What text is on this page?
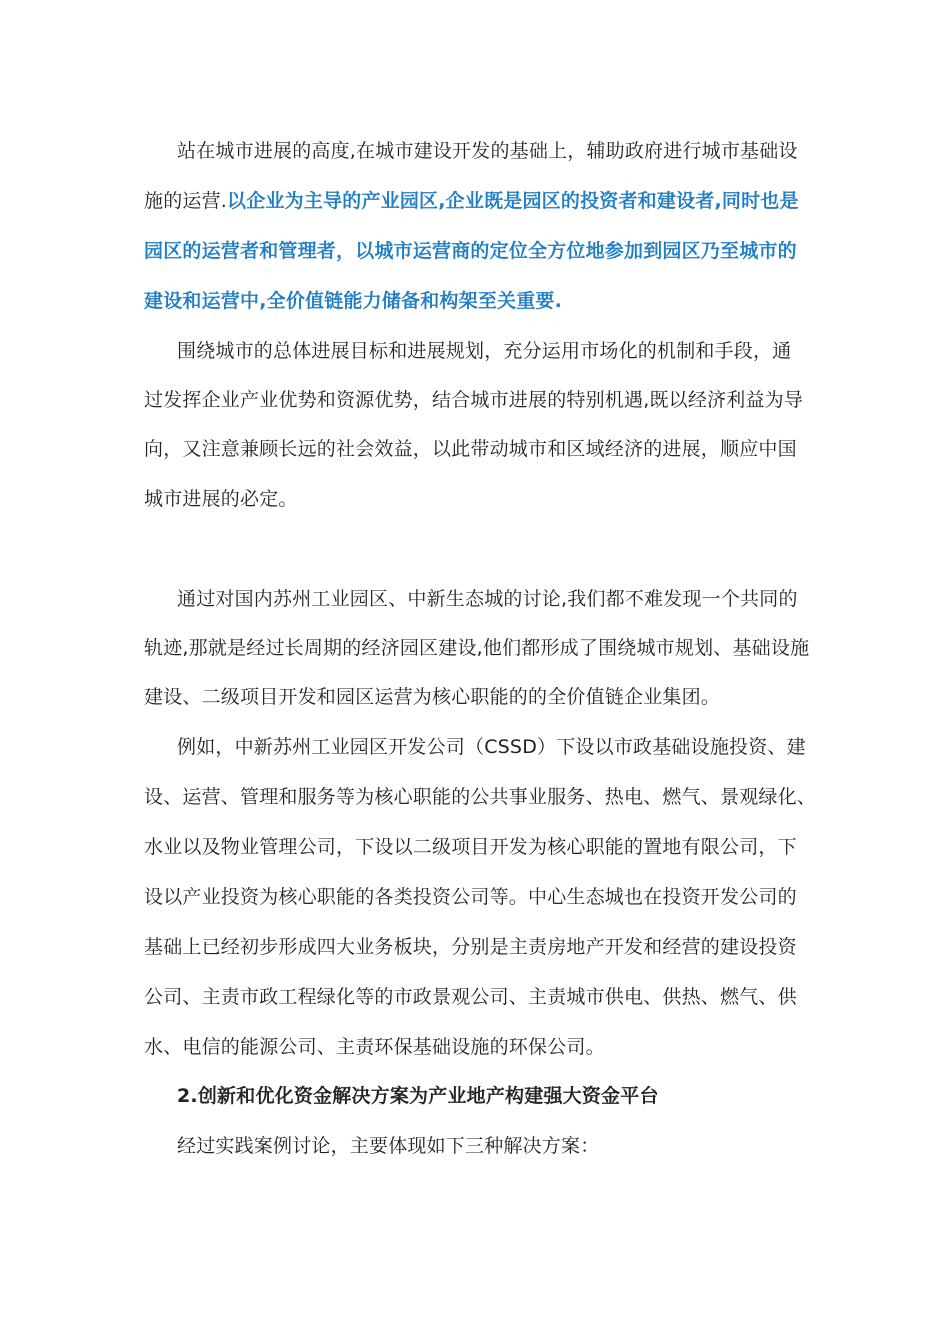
站在城市进展的高度,在城市建设开发的基础上，辅助政府进行城市基础设
施的运营.以企业为主导的产业园区,企业既是园区的投资者和建设者,同时也是
园区的运营者和管理者，以城市运营商的定位全方位地参加到园区乃至城市的
建设和运营中,全价值链能力储备和构架至关重要.
围绕城市的总体进展目标和进展规划，充分运用市场化的机制和手段，通
过发挥企业产业优势和资源优势，结合城市进展的特别机遇,既以经济利益为导
向，又注意兼顾长远的社会效益，以此带动城市和区域经济的进展，顺应中国
城市进展的必定。
通过对国内苏州工业园区、中新生态城的讨论,我们都不难发现一个共同的
轨迹,那就是经过长周期的经济园区建设,他们都形成了围绕城市规划、基础设施
建设、二级项目开发和园区运营为核心职能的的全价值链企业集团。
例如，中新苏州工业园区开发公司（CSSD）下设以市政基础设施投资、建
设、运营、管理和服务等为核心职能的公共事业服务、热电、燃气、景观绿化、
水业以及物业管理公司，下设以二级项目开发为核心职能的置地有限公司，下
设以产业投资为核心职能的各类投资公司等。中心生态城也在投资开发公司的
基础上已经初步形成四大业务板块，分别是主责房地产开发和经营的建设投资
公司、主责市政工程绿化等的市政景观公司、主责城市供电、供热、燃气、供
水、电信的能源公司、主责环保基础设施的环保公司。
2.创新和优化资金解决方案为产业地产构建强大资金平台
经过实践案例讨论，主要体现如下三种解决方案：
